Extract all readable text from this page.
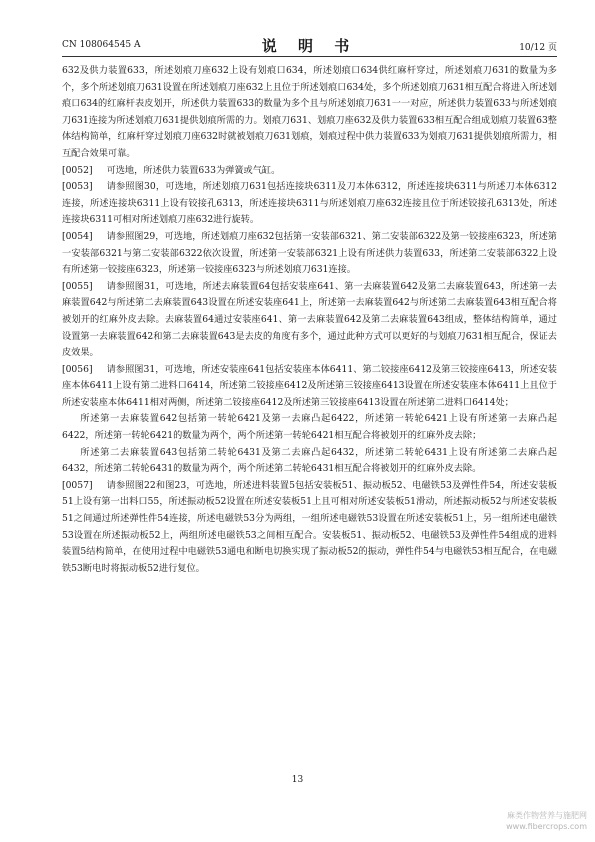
CN 108064545 A	说 明 书	10/12 页

632及供力装置633，所述划痕刀座632上设有划痕口634，所述划痕口634供红麻杆穿过，所述划痕刀631的数量为多个，多个所述划痕刀631设置在所述划痕刀座632上且位于所述划痕口634处，多个所述划痕刀631相互配合将进入所述划痕口634的红麻杆表皮划开，所述供力装置633的数量为多个且与所述划痕刀631一一对应，所述供力装置633与所述划痕刀631连接为所述划痕刀631提供划痕所需的力。划痕刀631、划痕刀座632及供力装置633相互配合组成划痕刀装置63整体结构简单，红麻杆穿过划痕刀座632时就被划痕刀631划痕，划痕过程中供力装置633为划痕刀631提供划痕所需力，相互配合效果可靠。

[0052] 可选地，所述供力装置633为弹簧或气缸。

[0053] 请参照图30，可选地，所述划痕刀631包括连接块6311及刀本体6312，所述连接块6311与所述刀本体6312连接，所述连接块6311上设有铰接孔6313，所述连接块6311与所述划痕刀座632连接且位于所述铰接孔6313处，所述连接块6311可相对所述划痕刀座632进行旋转。

[0054] 请参照图29，可选地，所述划痕刀座632包括第一安装部6321、第二安装部6322及第一铰接座6323，所述第一安装部6321与第二安装部6322依次设置，所述第一安装部6321上设有所述供力装置633，所述第二安装部6322上设有所述第一铰接座6323，所述第一铰接座6323与所述划痕刀631连接。

[0055] 请参照图31，可选地，所述去麻装置64包括安装座641、第一去麻装置642及第二去麻装置643，所述第一去麻装置642与所述第二去麻装置643设置在所述安装座641上，所述第一去麻装置642与所述第二去麻装置643相互配合将被划开的红麻外皮去除。去麻装置64通过安装座641、第一去麻装置642及第二去麻装置643组成，整体结构简单，通过设置第一去麻装置642和第二去麻装置643是去皮的角度有多个，通过此种方式可以更好的与划痕刀631相互配合，保证去皮效果。

[0056] 请参照图31，可选地，所述安装座641包括安装座本体6411、第二铰接座6412及第三铰接座6413，所述安装座本体6411上设有第二进料口6414，所述第二铰接座6412及所述第三铰接座6413设置在所述安装座本体6411上且位于所述安装座本体6411相对两侧，所述第二铰接座6412及所述第三铰接座6413设置在所述第二进料口6414处；

所述第一去麻装置642包括第一转轮6421及第一去麻凸起6422，所述第一转轮6421上设有所述第一去麻凸起6422，所述第一转轮6421的数量为两个，两个所述第一转轮6421相互配合将被划开的红麻外皮去除；

所述第二去麻装置643包括第二转轮6431及第二去麻凸起6432，所述第二转轮6431上设有所述第二去麻凸起6432，所述第二转轮6431的数量为两个，两个所述第二转轮6431相互配合将被划开的红麻外皮去除。

[0057] 请参照图22和图23，可选地，所述进料装置5包括安装板51、振动板52、电磁铁53及弹性件54，所述安装板51上设有第一出料口55，所述振动板52设置在所述安装板51上且可相对所述安装板51滑动，所述振动板52与所述安装板51之间通过所述弹性件54连接，所述电磁铁53分为两组，一组所述电磁铁53设置在所述安装板51上，另一组所述电磁铁53设置在所述振动板52上，两组所述电磁铁53之间相互配合。安装板51、振动板52、电磁铁53及弹性件54组成的进料装置5结构简单，在使用过程中电磁铁53通电和断电切换实现了振动板52的振动，弹性件54与电磁铁53相互配合，在电磁铁53断电时将振动板52进行复位。

13
麻类作物营养与施肥网
www.fibercrops.com
